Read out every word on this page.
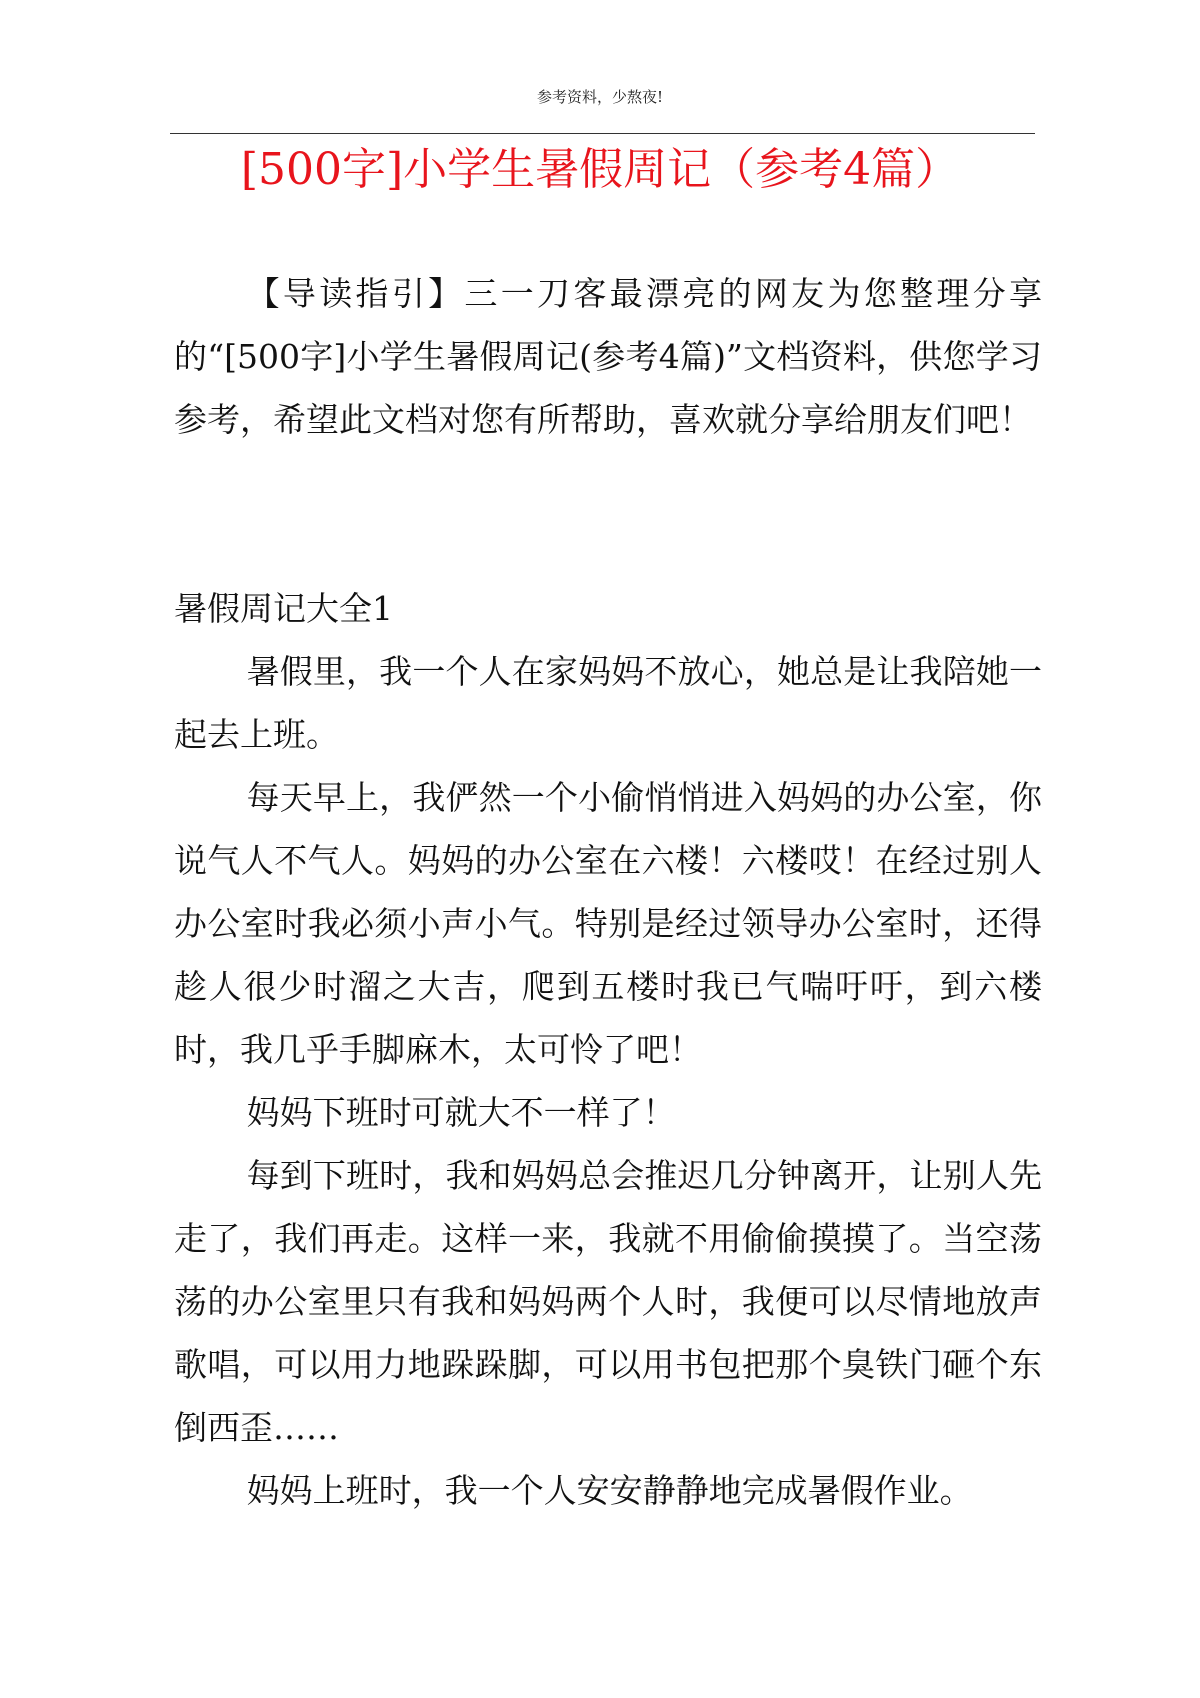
参考资料，少熬夜!
[500字]小学生暑假周记（参考4篇）

【导读指引】三一刀客最漂亮的网友为您整理分享的“[500字]小学生暑假周记(参考4篇)”文档资料，供您学习参考，希望此文档对您有所帮助，喜欢就分享给朋友们吧！

暑假周记大全1

暑假里，我一个人在家妈妈不放心，她总是让我陪她一起去上班。

每天早上，我俨然一个小偷悄悄进入妈妈的办公室，你说气人不气人。妈妈的办公室在六楼！六楼哎！在经过别人办公室时我必须小声小气。特别是经过领导办公室时，还得趁人很少时溜之大吉，爬到五楼时我已气喘吁吁，到六楼时，我几乎手脚麻木，太可怜了吧！

妈妈下班时可就大不一样了！

每到下班时，我和妈妈总会推迟几分钟离开，让别人先走了，我们再走。这样一来，我就不用偷偷摸摸了。当空荡荡的办公室里只有我和妈妈两个人时，我便可以尽情地放声歌唱，可以用力地跺跺脚，可以用书包把那个臭铁门砸个东倒西歪……

妈妈上班时，我一个人安安静静地完成暑假作业。
